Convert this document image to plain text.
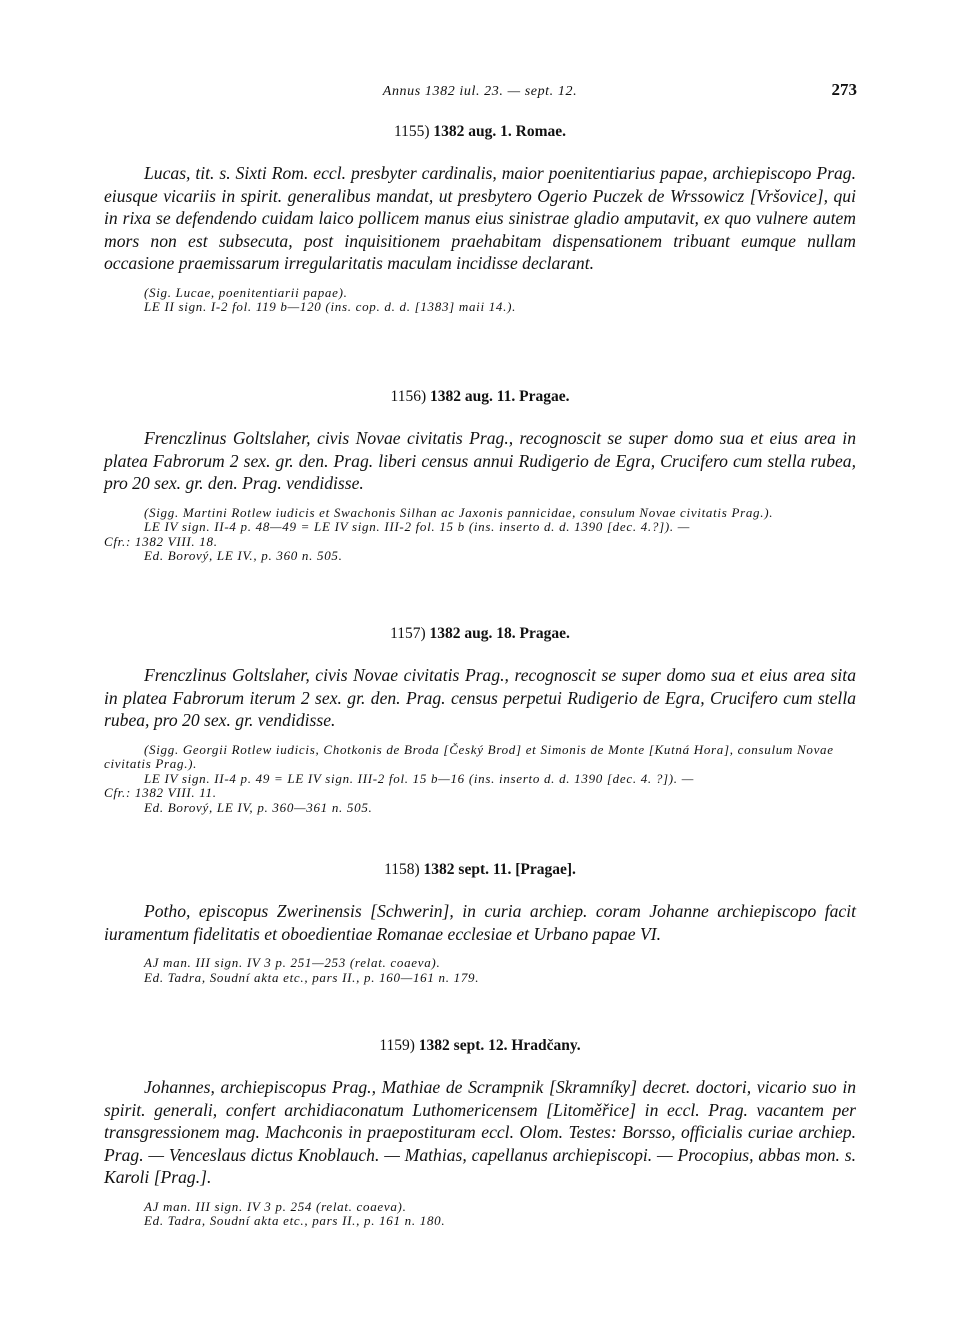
Annus 1382 iul. 23. — sept. 12.	273

1155) 1382 aug. 1. Romae.

Lucas, tit. s. Sixti Rom. eccl. presbyter cardinalis, maior poenitentiarius papae, archiepiscopo Prag. eiusque vicariis in spirit. generalibus mandat, ut presbytero Ogerio Puczek de Wrssowicz [Vršovice], qui in rixa se defendendo cuidam laico pollicem manus eius sinistrae gladio amputavit, ex quo vulnere autem mors non est subsecuta, post inquisitionem praehabitam dispensationem tribuant eumque nullam occasione praemissarum irregularitatis maculam incidisse declarant.

(Sig. Lucae, poenitentiarii papae).
LE II sign. I-2 fol. 119 b—120 (ins. cop. d. d. [1383] maii 14.).

1156) 1382 aug. 11. Pragae.

Frenczlinus Goltslaher, civis Novae civitatis Prag., recognoscit se super domo sua et eius area in platea Fabrorum 2 sex. gr. den. Prag. liberi census annui Rudigerio de Egra, Crucifero cum stella rubea, pro 20 sex. gr. den. Prag. vendidisse.

(Sigg. Martini Rotlew iudicis et Swachonis Silhan ac Jaxonis pannicidae, consulum Novae civitatis Prag.).
LE IV sign. II-4 p. 48—49 = LE IV sign. III-2 fol. 15 b (ins. inserto d. d. 1390 [dec. 4.?]). —
Cfr.: 1382 VIII. 18.
Ed. Borový, LE IV., p. 360 n. 505.

1157) 1382 aug. 18. Pragae.

Frenczlinus Goltslaher, civis Novae civitatis Prag., recognoscit se super domo sua et eius area sita in platea Fabrorum iterum 2 sex. gr. den. Prag. census perpetui Rudigerio de Egra, Crucifero cum stella rubea, pro 20 sex. gr. vendidisse.

(Sigg. Georgii Rotlew iudicis, Chotkonis de Broda [Český Brod] et Simonis de Monte [Kutná Hora], consulum Novae civitatis Prag.).
LE IV sign. II-4 p. 49 = LE IV sign. III-2 fol. 15 b—16 (ins. inserto d. d. 1390 [dec. 4. ?]). —
Cfr.: 1382 VIII. 11.
Ed. Borový, LE IV, p. 360—361 n. 505.

1158) 1382 sept. 11. [Pragae].

Potho, episcopus Zwerinensis [Schwerin], in curia archiep. coram Johanne archiepiscopo facit iuramentum fidelitatis et oboedientiae Romanae ecclesiae et Urbano papae VI.

AJ man. III sign. IV 3 p. 251—253 (relat. coaeva).
Ed. Tadra, Soudní akta etc., pars II., p. 160—161 n. 179.

1159) 1382 sept. 12. Hradčany.

Johannes, archiepiscopus Prag., Mathiae de Scrampnik [Skramníky] decret. doctori, vicario suo in spirit. generali, confert archidiaconatum Luthomericensem [Litoměřice] in eccl. Prag. vacantem per transgressionem mag. Machconis in praepostituram eccl. Olom. Testes: Borsso, officialis curiae archiep. Prag. — Venceslaus dictus Knoblauch. — Mathias, capellanus archiepiscopi. — Procopius, abbas mon. s. Karoli [Prag.].

AJ man. III sign. IV 3 p. 254 (relat. coaeva).
Ed. Tadra, Soudní akta etc., pars II., p. 161 n. 180.
